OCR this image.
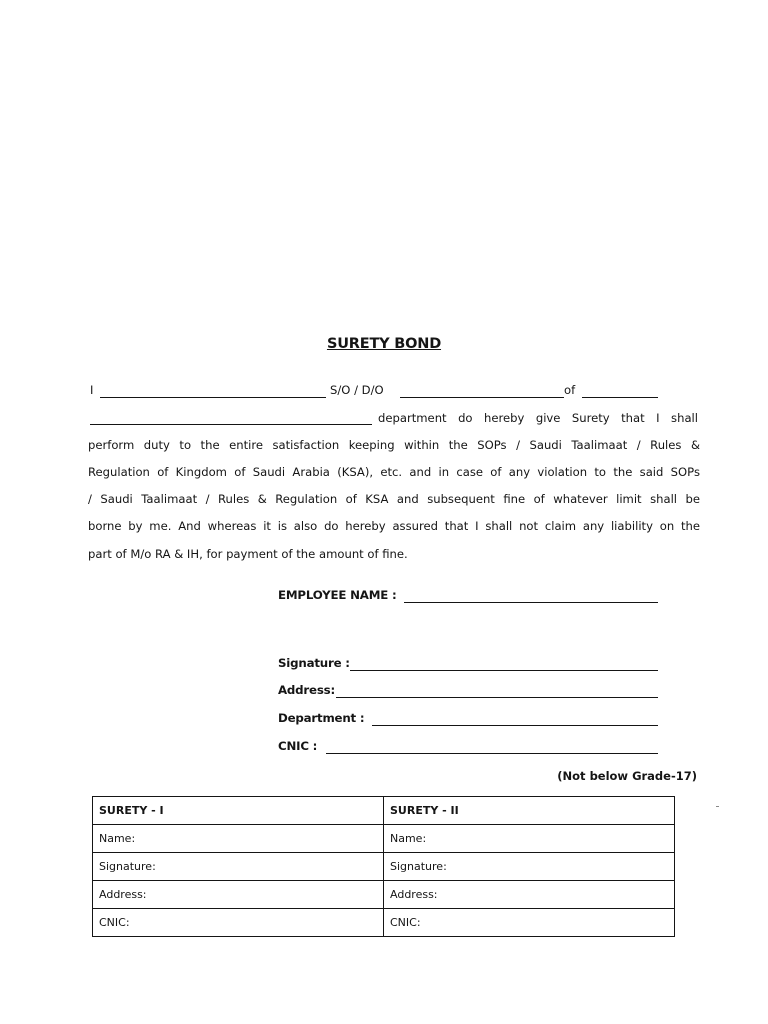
SURETY BOND
I	S/O / D/O	of
department do hereby give Surety that I shall
perform duty to the entire satisfaction keeping within the SOPs / Saudi Taalimaat / Rules &
Regulation of Kingdom of Saudi Arabia (KSA), etc. and in case of any violation to the said SOPs
/ Saudi Taalimaat / Rules & Regulation of KSA and subsequent fine of whatever limit shall be
borne by me. And whereas it is also do hereby assured that I shall not claim any liability on the
part of M/o RA & IH, for payment of the amount of fine.
EMPLOYEE NAME :
Signature :
Address:
Department :
CNIC :
(Not below Grade-17)
SURETY - I	SURETY - II
Name:	Name:
Signature:	Signature:
Address:	Address:
CNIC:	CNIC:
